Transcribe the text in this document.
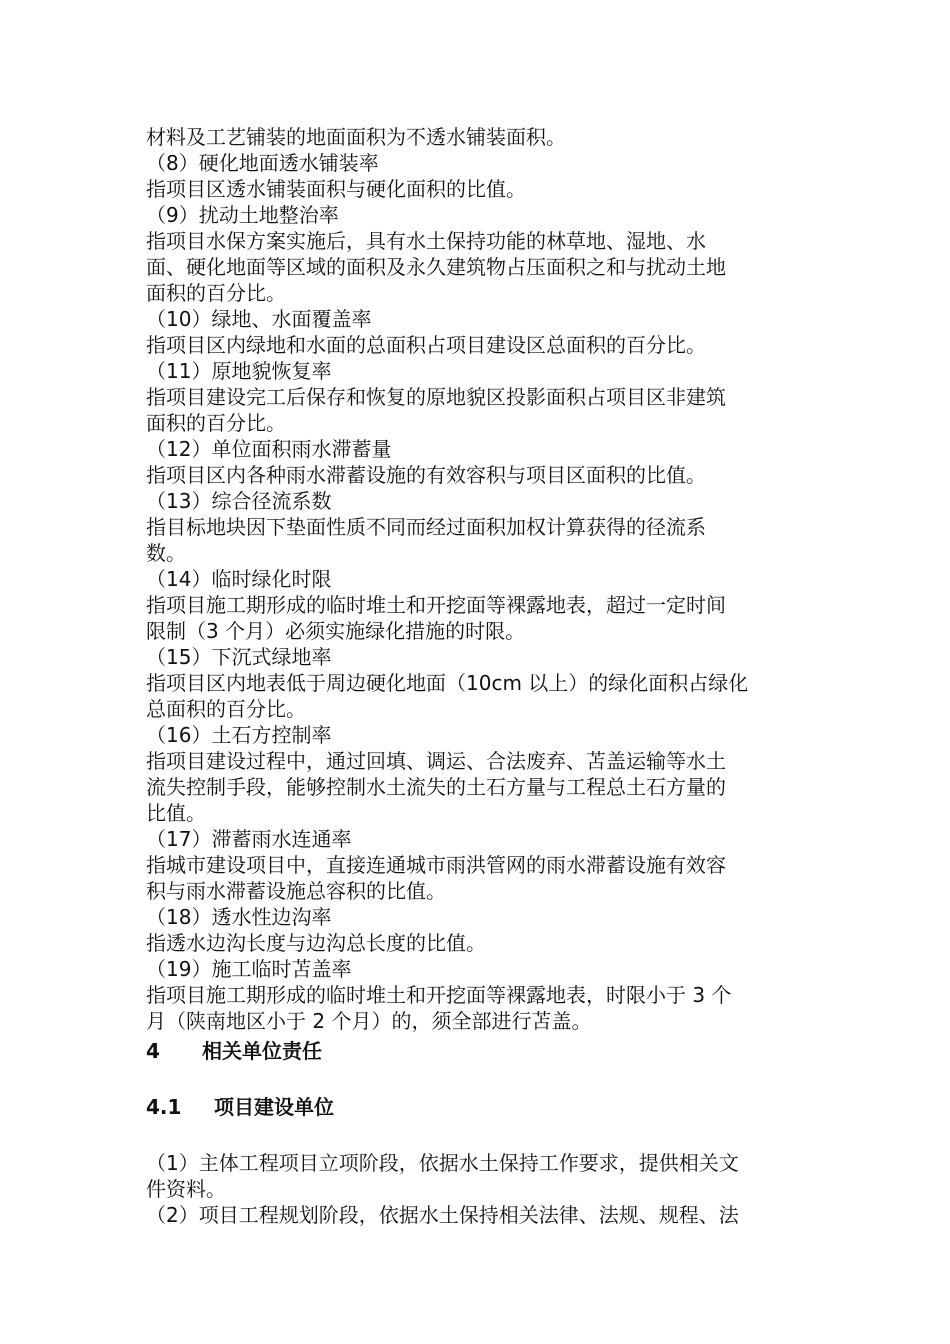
材料及工艺铺装的地面面积为不透水铺装面积。
（8）硬化地面透水铺装率
指项目区透水铺装面积与硬化面积的比值。
（9）扰动土地整治率
指项目水保方案实施后，具有水土保持功能的林草地、湿地、水
面、硬化地面等区域的面积及永久建筑物占压面积之和与扰动土地
面积的百分比。
（10）绿地、水面覆盖率
指项目区内绿地和水面的总面积占项目建设区总面积的百分比。
（11）原地貌恢复率
指项目建设完工后保存和恢复的原地貌区投影面积占项目区非建筑
面积的百分比。
（12）单位面积雨水滞蓄量
指项目区内各种雨水滞蓄设施的有效容积与项目区面积的比值。
（13）综合径流系数
指目标地块因下垫面性质不同而经过面积加权计算获得的径流系
数。
（14）临时绿化时限
指项目施工期形成的临时堆土和开挖面等裸露地表，超过一定时间
限制（3 个月）必须实施绿化措施的时限。
（15）下沉式绿地率
指项目区内地表低于周边硬化地面（10cm 以上）的绿化面积占绿化
总面积的百分比。
（16）土石方控制率
指项目建设过程中，通过回填、调运、合法废弃、苫盖运输等水土
流失控制手段，能够控制水土流失的土石方量与工程总土石方量的
比值。
（17）滞蓄雨水连通率
指城市建设项目中，直接连通城市雨洪管网的雨水滞蓄设施有效容
积与雨水滞蓄设施总容积的比值。
（18）透水性边沟率
指透水边沟长度与边沟总长度的比值。
（19）施工临时苫盖率
指项目施工期形成的临时堆土和开挖面等裸露地表，时限小于 3 个
月（陕南地区小于 2 个月）的，须全部进行苫盖。
4 相关单位责任
4.1 项目建设单位
（1）主体工程项目立项阶段，依据水土保持工作要求，提供相关文
件资料。
（2）项目工程规划阶段，依据水土保持相关法律、法规、规程、法
